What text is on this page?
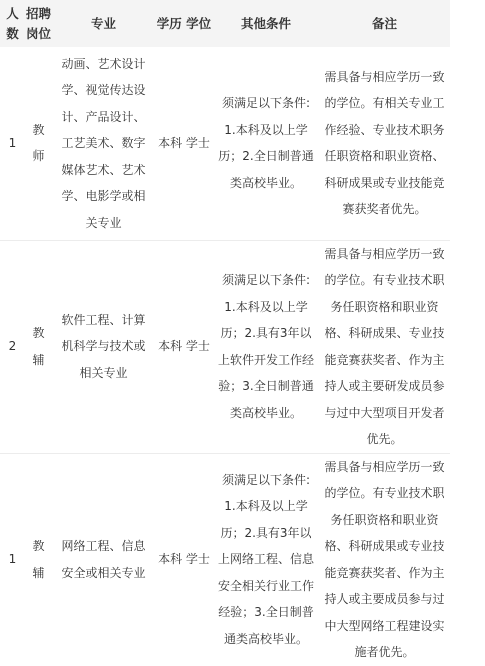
人数	招聘岗位	专业	学历 学位	其他条件	备注
1	教师	动画、艺术设计学、视觉传达设计、产品设计、工艺美术、数字媒体艺术、艺术学、电影学或相关专业	本科 学士	须满足以下条件:1.本科及以上学历；2.全日制普通类高校毕业。	需具备与相应学历一致的学位。有相关专业工作经验、专业技术职务任职资格和职业资格、科研成果或专业技能竞赛获奖者优先。

2	教辅	软件工程、计算机科学与技术或相关专业	本科 学士	须满足以下条件:1.本科及以上学历；2.具有3年以上软件开发工作经验；3.全日制普通类高校毕业。	需具备与相应学历一致的学位。有专业技术职务任职资格和职业资格、科研成果、专业技能竞赛获奖者、作为主持人或主要研发成员参与过中大型项目开发者优先。

1	教辅	网络工程、信息安全或相关专业	本科 学士	须满足以下条件:1.本科及以上学历；2.具有3年以上网络工程、信息安全相关行业工作经验；3.全日制普通类高校毕业。	需具备与相应学历一致的学位。有专业技术职务任职资格和职业资格、科研成果或专业技能竞赛获奖者、作为主持人或主要成员参与过中大型网络工程建设实施者优先。
